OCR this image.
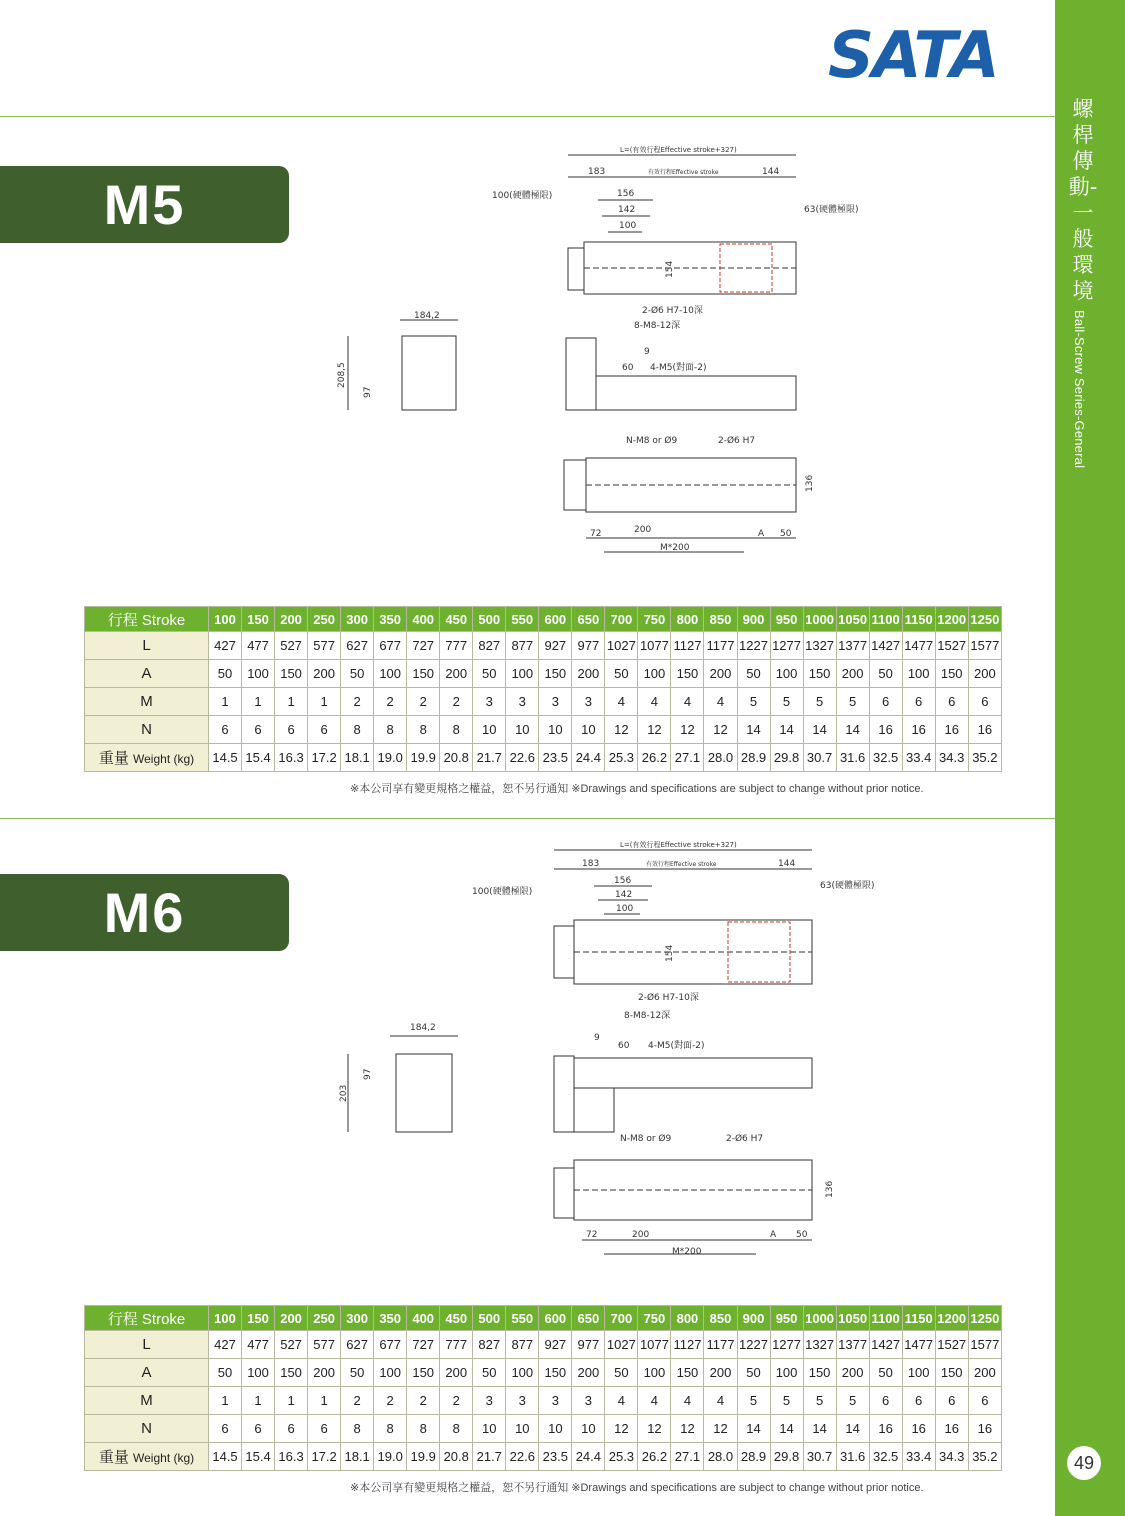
SATA
螺桿傳動-一般環境
Ball-Screw Series-General
49
M5
L=(有效行程Effective stroke+327)
183	有效行程Effective stroke	144
100(硬體極限)
63(硬體極限)
156
142
100
154
2-Ø6 H7-10深
8-M8-12深
184,2
208,5
97
9
60 4-M5(對面-2)
N-M8 or Ø9	2-Ø6 H7
136
72	200	A 50
M*200
行程 Stroke	100	150	200	250	300	350	400	450	500	550	600	650	700	750	800	850	900	950	1000	1050	1100	1150	1200	1250
L	427	477	527	577	627	677	727	777	827	877	927	977	1027	1077	1127	1177	1227	1277	1327	1377	1427	1477	1527	1577
A	50	100	150	200	50	100	150	200	50	100	150	200	50	100	150	200	50	100	150	200	50	100	150	200
M	1	1	1	1	2	2	2	2	3	3	3	3	4	4	4	4	5	5	5	5	6	6	6	6
N	6	6	6	6	8	8	8	8	10	10	10	10	12	12	12	12	14	14	14	14	16	16	16	16
重量 Weight (kg)	14.5	15.4	16.3	17.2	18.1	19.0	19.9	20.8	21.7	22.6	23.5	24.4	25.3	26.2	27.1	28.0	28.9	29.8	30.7	31.6	32.5	33.4	34.3	35.2
※本公司享有變更規格之權益，恕不另行通知 ※Drawings and specifications are subject to change without prior notice.
M6
L=(有效行程Effective stroke+327)
183	有效行程Effective stroke	144
100(硬體極限)
63(硬體極限)
156
142
100
154
2-Ø6 H7-10深
8-M8-12深
184,2
203
97
9
60 4-M5(對面-2)
N-M8 or Ø9	2-Ø6 H7
136
72	200	A 50
M*200
行程 Stroke	100	150	200	250	300	350	400	450	500	550	600	650	700	750	800	850	900	950	1000	1050	1100	1150	1200	1250
L	427	477	527	577	627	677	727	777	827	877	927	977	1027	1077	1127	1177	1227	1277	1327	1377	1427	1477	1527	1577
A	50	100	150	200	50	100	150	200	50	100	150	200	50	100	150	200	50	100	150	200	50	100	150	200
M	1	1	1	1	2	2	2	2	3	3	3	3	4	4	4	4	5	5	5	5	6	6	6	6
N	6	6	6	6	8	8	8	8	10	10	10	10	12	12	12	12	14	14	14	14	16	16	16	16
重量 Weight (kg)	14.5	15.4	16.3	17.2	18.1	19.0	19.9	20.8	21.7	22.6	23.5	24.4	25.3	26.2	27.1	28.0	28.9	29.8	30.7	31.6	32.5	33.4	34.3	35.2
※本公司享有變更規格之權益，恕不另行通知 ※Drawings and specifications are subject to change without prior notice.
